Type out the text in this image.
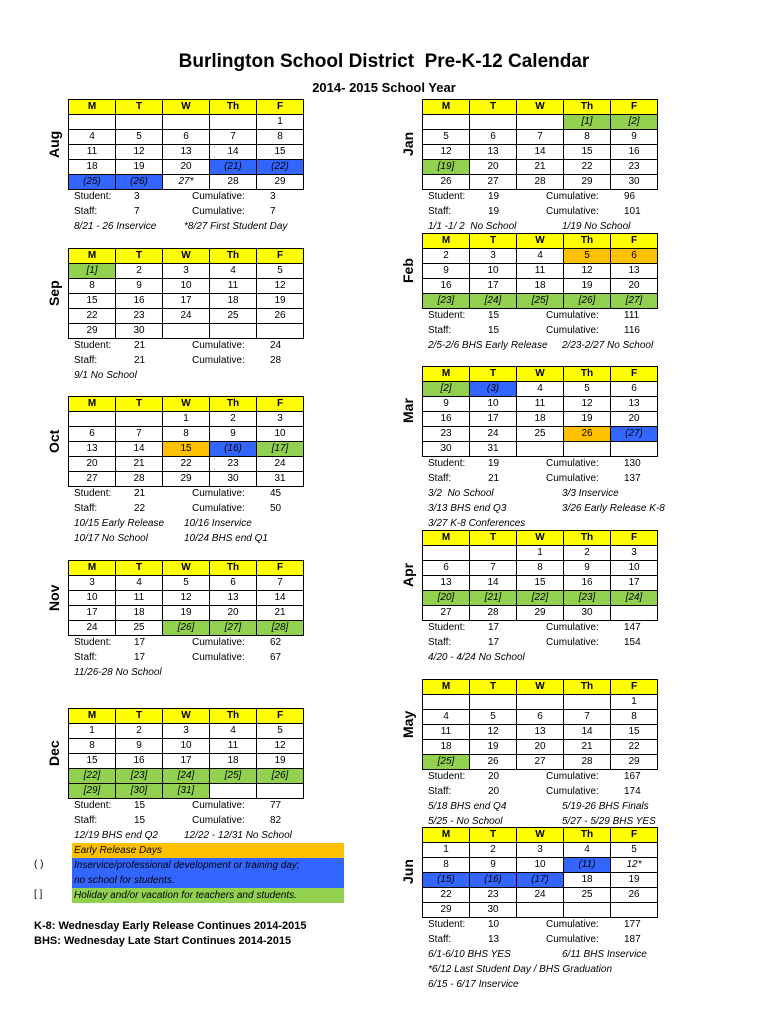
Burlington School District  Pre-K-12 Calendar
2014- 2015 School Year
Aug
M	T	W	Th	F
				1
4	5	6	7	8
11	12	13	14	15
18	19	20	(21)	(22)
(25)	(26)	27*	28	29
Student: 3	Cumulative:	3
Staff:	7	Cumulative:	7
8/21 - 26 Inservice	*8/27 First Student Day
Sep
M	T	W	Th	F
[1]	2	3	4	5
8	9	10	11	12
15	16	17	18	19
22	23	24	25	26
29	30			
Student: 21	Cumulative:	24
Staff:	21	Cumulative:	28
9/1 No School
Oct
M	T	W	Th	F
		1	2	3
6	7	8	9	10
13	14	15	(16)	[17]
20	21	22	23	24
27	28	29	30	31
Student: 21	Cumulative:	45
Staff:	22	Cumulative:	50
10/15 Early Release 10/16 Inservice
10/17 No School	10/24 BHS end Q1
Nov
M	T	W	Th	F
3	4	5	6	7
10	11	12	13	14
17	18	19	20	21
24	25	[26]	[27]	[28]
Student: 17	Cumulative:	62
Staff:	17	Cumulative:	67
11/26-28 No School
Dec
M	T	W	Th	F
1	2	3	4	5
8	9	10	11	12
15	16	17	18	19
[22]	[23]	[24]	[25]	[26]
[29]	[30]	[31]		
Student: 15	Cumulative:	77
Staff:	15	Cumulative:	82
12/19 BHS end Q2	12/22 - 12/31 No School
Jan
M	T	W	Th	F
			[1]	[2]
5	6	7	8	9
12	13	14	15	16
[19]	20	21	22	23
26	27	28	29	30
Student: 19	Cumulative:	96
Staff:	19	Cumulative:	101
1/1 -1/ 2  No School	1/19 No School
Feb
M	T	W	Th	F
2	3	4	5	6
9	10	11	12	13
16	17	18	19	20
[23]	[24]	[25]	[26]	[27]
Student: 15	Cumulative:	111
Staff:	15	Cumulative:	116
2/5-2/6 BHS Early Release 2/23-2/27 No School
Mar
M	T	W	Th	F
[2]	(3)	4	5	6
9	10	11	12	13
16	17	18	19	20
23	24	25	26	(27)
30	31			
Student: 19	Cumulative:	130
Staff:	21	Cumulative:	137
3/2  No School	3/3 Inservice
3/13 BHS end Q3	3/26 Early Release K-8
3/27 K-8 Conferences
Apr
M	T	W	Th	F
		1	2	3
6	7	8	9	10
13	14	15	16	17
[20]	[21]	[22]	[23]	[24]
27	28	29	30	
Student: 17	Cumulative:	147
Staff:	17	Cumulative:	154
4/20 - 4/24 No School
May
M	T	W	Th	F
				1
4	5	6	7	8
11	12	13	14	15
18	19	20	21	22
[25]	26	27	28	29
Student: 20	Cumulative:	167
Staff:	20	Cumulative:	174
5/18 BHS end Q4	5/19-26 BHS Finals
5/25 - No School	5/27 - 5/29 BHS YES
Jun
M	T	W	Th	F
1	2	3	4	5
8	9	10	(11)	12*
(15)	(16)	(17)	18	19
22	23	24	25	26
29	30			
Student: 10	Cumulative:	177
Staff:	13	Cumulative:	187
6/1-6/10 BHS YES	6/11 BHS Inservice
*6/12 Last Student Day / BHS Graduation
6/15 - 6/17 Inservice
Early Release Days
( )	Inservice/professional development or training day;
no school for students.
[ ]	Holiday and/or vacation for teachers and students.
K-8: Wednesday Early Release Continues 2014-2015
BHS: Wednesday Late Start Continues 2014-2015
